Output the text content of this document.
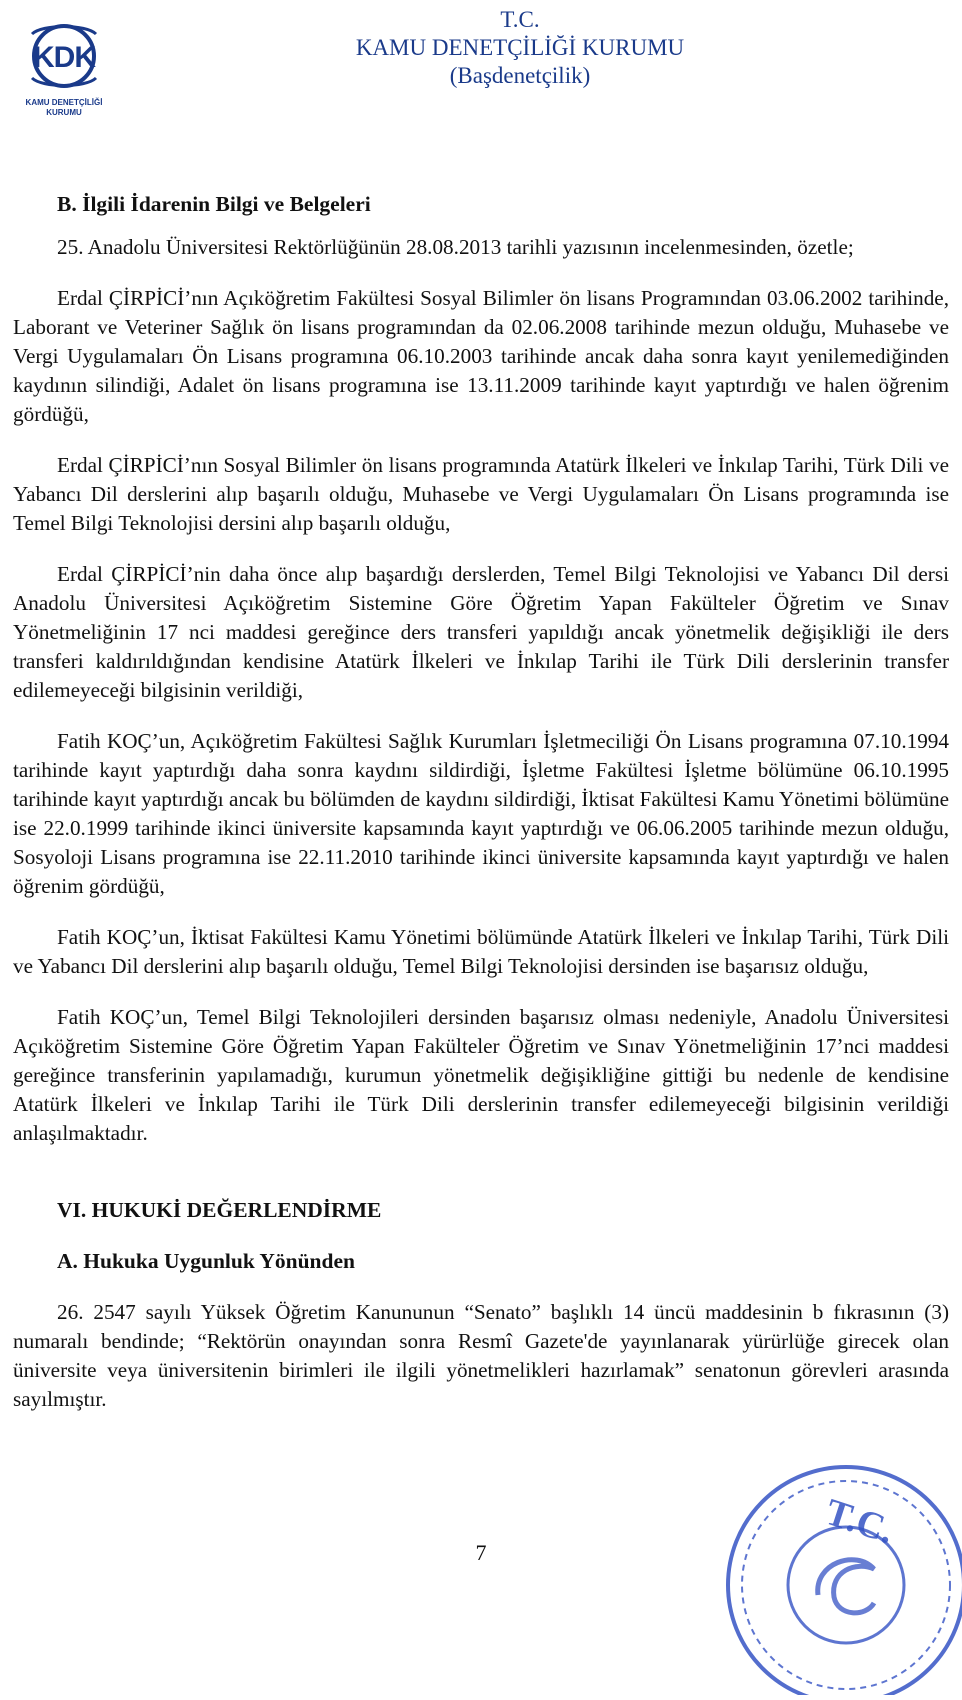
KDK
KAMU DENETÇİLİĞİ
KURUMU
T.C.
KAMU DENETÇİLİĞİ KURUMU
(Başdenetçilik)

B. İlgili İdarenin Bilgi ve Belgeleri

25. Anadolu Üniversitesi Rektörlüğünün 28.08.2013 tarihli yazısının incelenmesinden, özetle;

Erdal ÇİRPİCİ’nın Açıköğretim Fakültesi Sosyal Bilimler ön lisans Programından 03.06.2002 tarihinde, Laborant ve Veteriner Sağlık ön lisans programından da 02.06.2008 tarihinde mezun olduğu, Muhasebe ve Vergi Uygulamaları Ön Lisans programına 06.10.2003 tarihinde ancak daha sonra kayıt yenilemediğinden kaydının silindiği, Adalet ön lisans programına ise 13.11.2009 tarihinde kayıt yaptırdığı ve halen öğrenim gördüğü,

Erdal ÇİRPİCİ’nın Sosyal Bilimler ön lisans programında Atatürk İlkeleri ve İnkılap Tarihi, Türk Dili ve Yabancı Dil derslerini alıp başarılı olduğu, Muhasebe ve Vergi Uygulamaları Ön Lisans programında ise Temel Bilgi Teknolojisi dersini alıp başarılı olduğu,

Erdal ÇİRPİCİ’nin daha önce alıp başardığı derslerden, Temel Bilgi Teknolojisi ve Yabancı Dil dersi Anadolu Üniversitesi Açıköğretim Sistemine Göre Öğretim Yapan Fakülteler Öğretim ve Sınav Yönetmeliğinin 17 nci maddesi gereğince ders transferi yapıldığı ancak yönetmelik değişikliği ile ders transferi kaldırıldığından kendisine Atatürk İlkeleri ve İnkılap Tarihi ile Türk Dili derslerinin transfer edilemeyeceği bilgisinin verildiği,

Fatih KOÇ’un, Açıköğretim Fakültesi Sağlık Kurumları İşletmeciliği Ön Lisans programına 07.10.1994 tarihinde kayıt yaptırdığı daha sonra kaydını sildirdiği, İşletme Fakültesi İşletme bölümüne 06.10.1995 tarihinde kayıt yaptırdığı ancak bu bölümden de kaydını sildirdiği, İktisat Fakültesi Kamu Yönetimi bölümüne ise 22.0.1999 tarihinde ikinci üniversite kapsamında kayıt yaptırdığı ve 06.06.2005 tarihinde mezun olduğu, Sosyoloji Lisans programına ise 22.11.2010 tarihinde ikinci üniversite kapsamında kayıt yaptırdığı ve halen öğrenim gördüğü,

Fatih KOÇ’un, İktisat Fakültesi Kamu Yönetimi bölümünde Atatürk İlkeleri ve İnkılap Tarihi, Türk Dili ve Yabancı Dil derslerini alıp başarılı olduğu, Temel Bilgi Teknolojisi dersinden ise başarısız olduğu,

Fatih KOÇ’un, Temel Bilgi Teknolojileri dersinden başarısız olması nedeniyle, Anadolu Üniversitesi Açıköğretim Sistemine Göre Öğretim Yapan Fakülteler Öğretim ve Sınav Yönetmeliğinin 17’nci maddesi gereğince transferinin yapılamadığı, kurumun yönetmelik değişikliğine gittiği bu nedenle de kendisine Atatürk İlkeleri ve İnkılap Tarihi ile Türk Dili derslerinin transfer edilemeyeceği bilgisinin verildiği anlaşılmaktadır.

VI. HUKUKİ DEĞERLENDİRME

A. Hukuka Uygunluk Yönünden

26. 2547 sayılı Yüksek Öğretim Kanununun “Senato” başlıklı 14 üncü maddesinin b fıkrasının (3) numaralı bendinde; “Rektörün onayından sonra Resmî Gazete'de yayınlanarak yürürlüğe girecek olan üniversite veya üniversitenin birimleri ile ilgili yönetmelikleri hazırlamak” senatonun görevleri arasında sayılmıştır.

7
T.C.
